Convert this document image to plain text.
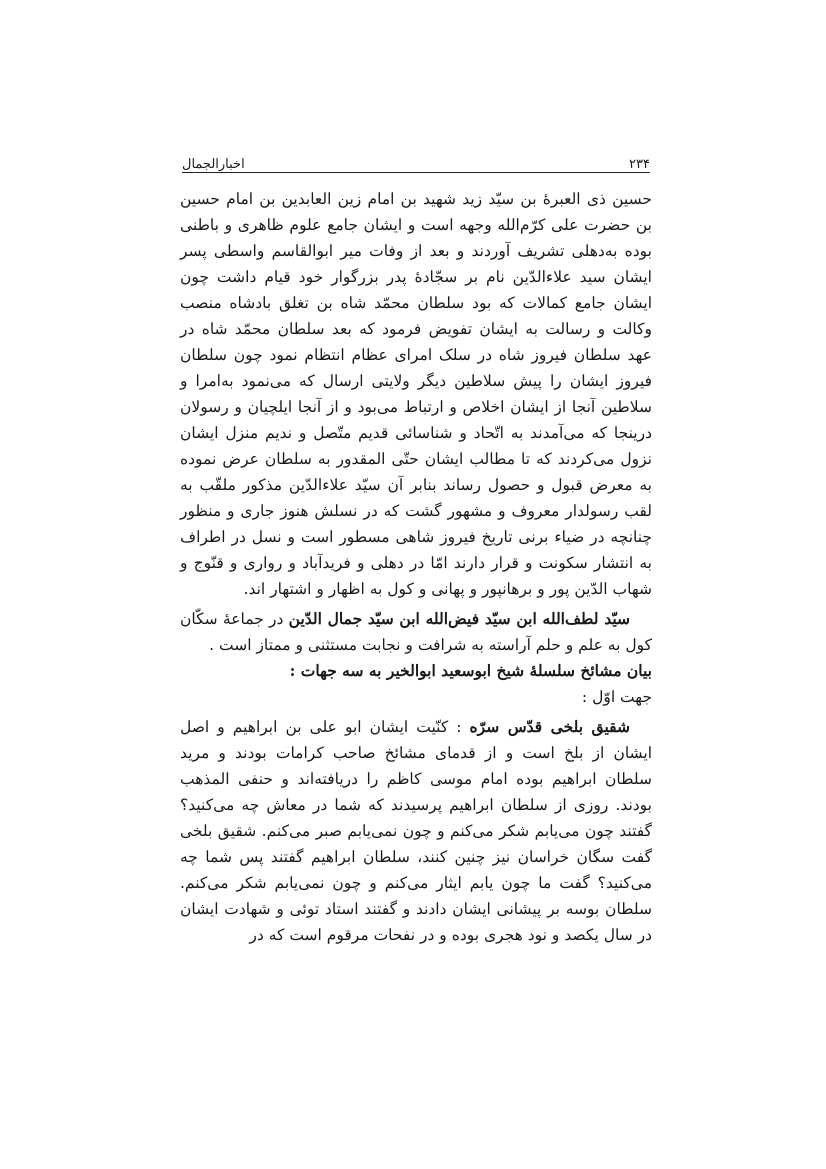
۲۳۴
اخبارالجمال

حسین ذی العبرهٔ بن سیّد زید شهید بن امام زین العابدین بن امام حسین بن حضرت علی کرّم‌الله وجهه است و ایشان جامع علوم ظاهری و باطنی بوده به‌دهلی تشریف آوردند و بعد از وفات میر ابوالقاسم واسطی پسر ایشان سید علاءالدّین نام بر سجّادهٔ پدر بزرگوار خود قیام داشت چون ایشان جامع کمالات که بود سلطان محمّد شاه بن تغلق بادشاه منصب وکالت و رسالت به ایشان تفویض فرمود که بعد سلطان محمّد شاه در عهد سلطان فیروز شاه در سلک امرای عظام انتظام نمود چون سلطان فیروز ایشان را پیش سلاطین دیگر ولایتی ارسال که می‌نمود به‌امرا و سلاطین آنجا از ایشان اخلاص و ارتباط می‌بود و از آنجا ایلچیان و رسولان درینجا که می‌آمدند به اتّحاد و شناسائی قدیم متّصل و ندیم منزل ایشان نزول می‌کردند که تا مطالب ایشان حتّی المقدور به سلطان عرض نموده به معرض قبول و حصول رساند بنابر آن سیّد علاءالدّین مذکور ملقّب به لقب رسولدار معروف و مشهور گشت که در نسلش هنوز جاری و منظور چنانچه در ضیاء برنی تاریخ فیروز شاهی مسطور است و نسل در اطراف به انتشار سکونت و قرار دارند امّا در دهلی و فریدآباد و رواری و قنّوج و شهاب الدّین پور و برهانپور و پهانی و کول به اظهار و اشتهار اند.

سیّد لطف‌الله ابن سیّد فیض‌الله ابن سیّد جمال الدّین در جماعهٔ سکّان کول به علم و حلم آراسته به شرافت و نجابت مستثنی و ممتاز است .

بیان مشائخ سلسلهٔ شیخ ابوسعید ابوالخیر به سه جهات :

جهت اوّل :

شقیق بلخی قدّس سرّه : کنّیت ایشان ابو علی بن ابراهیم و اصل ایشان از بلخ است و از قدمای مشائخ صاحب کرامات بودند و مرید سلطان ابراهیم بوده امام موسی کاظم را دریافته‌اند و حنفی المذهب بودند. روزی از سلطان ابراهیم پرسیدند که شما در معاش چه می‌کنید؟ گفتند چون می‌یابم شکر می‌کنم و چون نمی‌یابم صبر می‌کنم. شقیق بلخی گفت سگان خراسان نیز چنین کنند، سلطان ابراهیم گفتند پس شما چه می‌کنید؟ گفت ما چون یابم ایثار می‌کنم و چون نمی‌یابم شکر می‌کنم. سلطان بوسه بر پیشانی ایشان دادند و گفتند استاد توئی و شهادت ایشان در سال یکصد و نود هجری بوده و در نفحات مرقوم است که در
